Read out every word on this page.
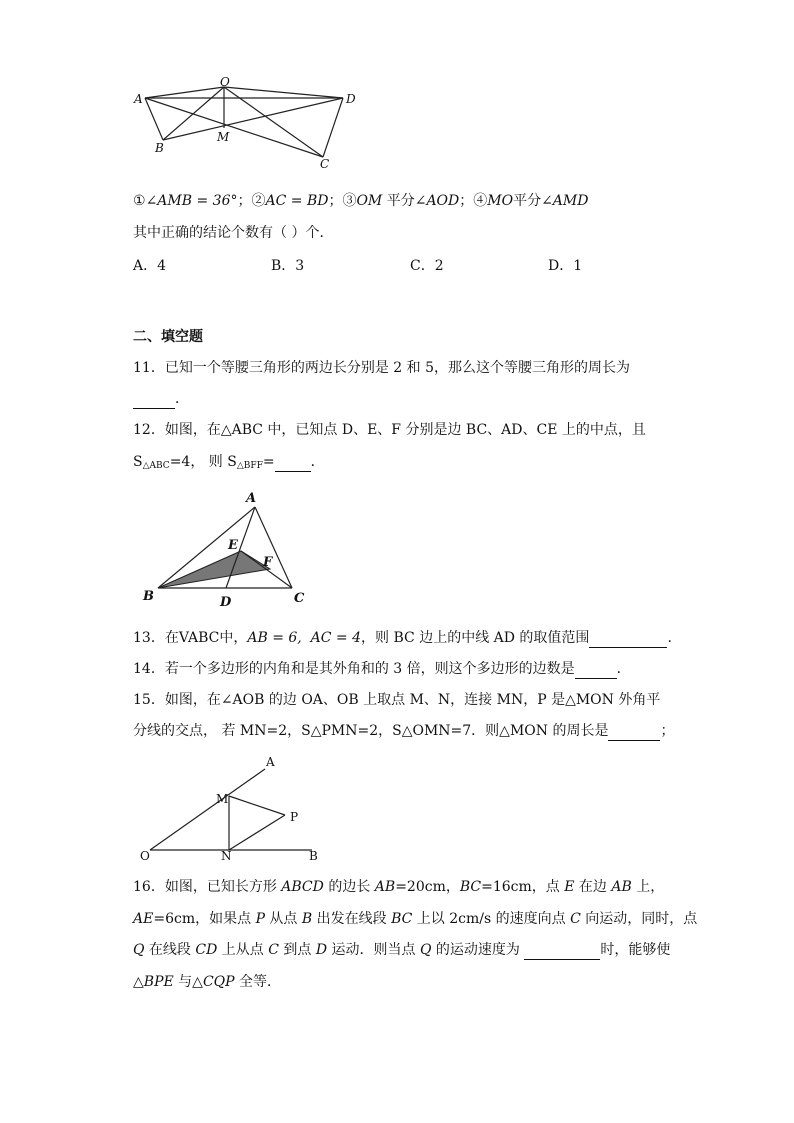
O
A	D
M
B
C
①∠AMB = 36°；②AC = BD；③OM 平分∠AOD；④MO平分∠AMD
其中正确的结论个数有（ ）个．
A．4	B．3	C．2	D．1
二、填空题
11．已知一个等腰三角形的两边长分别是 2 和 5，那么这个等腰三角形的周长为
．
12．如图，在△ABC 中，已知点 D、E、F 分别是边 BC、AD、CE 上的中点，且
$S_{\triangle ABC}=4$， 则 $S_{\triangle BFF}=$	．
A
B	C
D
E
F
13．在VABC中，AB = 6, AC = 4，则 BC 边上的中线 AD 的取值范围	.
14．若一个多边形的内角和是其外角和的 3 倍，则这个多边形的边数是	．
15．如图，在∠AOB 的边 OA、OB 上取点 M、N，连接 MN，P 是△MON 外角平
分线的交点， 若 MN=2，S△PMN=2，S△OMN=7．则△MON 的周长是	；
A
M
P
O	N	B
16．如图，已知长方形 ABCD 的边长 AB=20cm，BC=16cm，点 E 在边 AB 上，
AE=6cm，如果点 P 从点 B 出发在线段 BC 上以 2cm/s 的速度向点 C 向运动，同时，点
Q 在线段 CD 上从点 C 到点 D 运动．则当点 Q 的运动速度为	时，能够使
△BPE 与△CQP 全等．
